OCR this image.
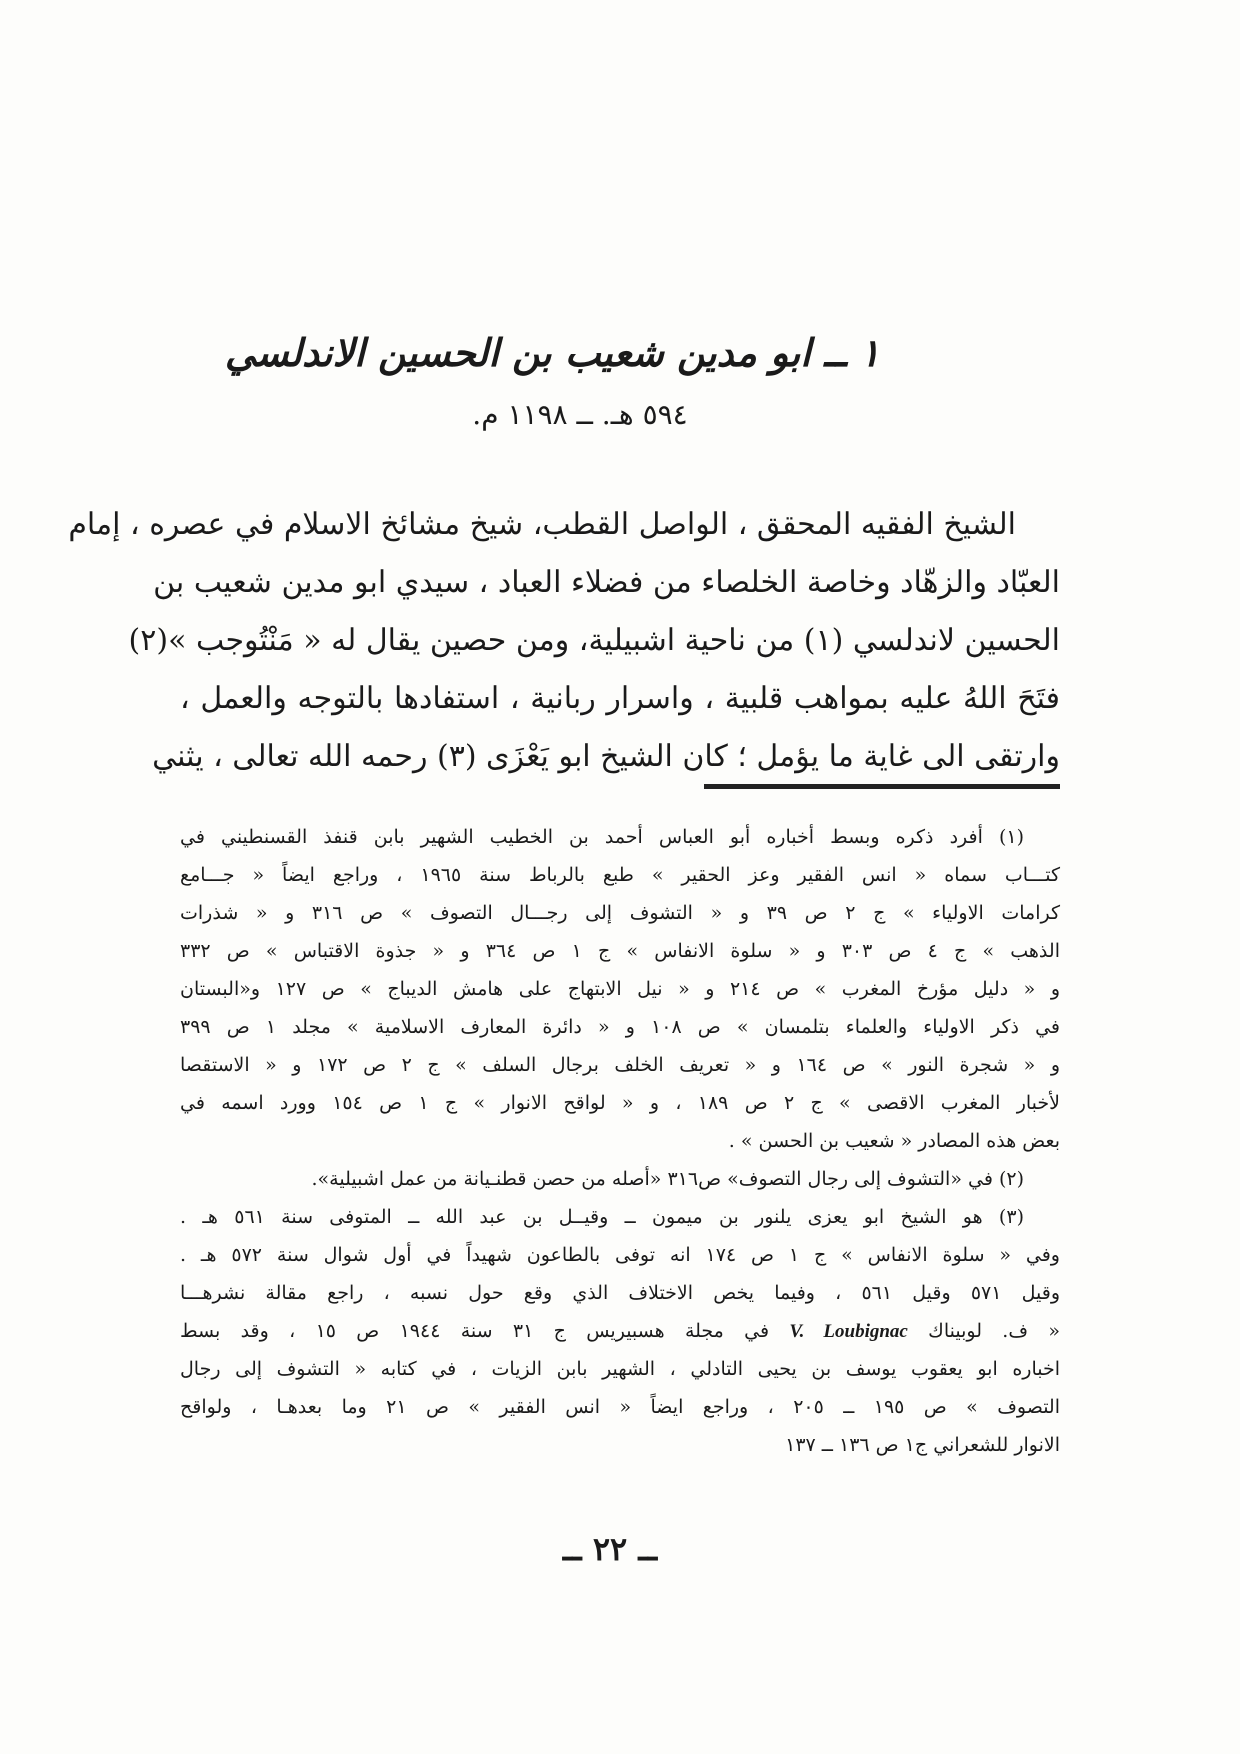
١ ــ ابو مدين شعيب بن الحسين الاندلسي
٥٩٤ هـ. ــ ١١٩٨ م.
الشيخ الفقيه المحقق ، الواصل القطب، شيخ مشائخ الاسلام في عصره ، إمام
العبّاد والزهّاد وخاصة الخلصاء من فضلاء العباد ، سيدي ابو مدين شعيب بن
الحسين لاندلسي (١) من ناحية اشبيلية، ومن حصين يقال له « مَنْتُوجب »(٢)
فتَحَ اللهُ عليه بمواهب قلبية ، واسرار ربانية ، استفادها بالتوجه والعمل ،
وارتقى الى غاية ما يؤمل ؛ كان الشيخ ابو يَعْزَى (٣) رحمه الله تعالى ، يثني
(١) أفرد ذكره وبسط أخباره أبو العباس أحمد بن الخطيب الشهير بابن قنفذ القسنطيني في
كتـــاب سماه « انس الفقير وعز الحقير » طبع بالرباط سنة ١٩٦٥ ، وراجع ايضاً « جـــامع
كرامات الاولياء » ج ٢ ص ٣٩ و « التشوف إلى رجـــال التصوف » ص ٣١٦ و « شذرات
الذهب » ج ٤ ص ٣٠٣ و « سلوة الانفاس » ج ١ ص ٣٦٤ و « جذوة الاقتباس » ص ٣٣٢
و « دليل مؤرخ المغرب » ص ٢١٤ و « نيل الابتهاج على هامش الديباج » ص ١٢٧ و«البستان
في ذكر الاولياء والعلماء بتلمسان » ص ١٠٨ و « دائرة المعارف الاسلامية » مجلد ١ ص ٣٩٩
و « شجرة النور » ص ١٦٤ و « تعريف الخلف برجال السلف » ج ٢ ص ١٧٢ و « الاستقصا
لأخبار المغرب الاقصى » ج ٢ ص ١٨٩ ، و « لواقح الانوار » ج ١ ص ١٥٤ وورد اسمه في
بعض هذه المصادر « شعيب بن الحسن » .
(٢) في «التشوف إلى رجال التصوف» ص٣١٦ «أصله من حصن قطنـيانة من عمل اشبيلية».
(٣) هو الشيخ ابو يعزى يلنور بن ميمون ــ وقيــل بن عبد الله ــ المتوفى سنة ٥٦١ هـ .
وفي « سلوة الانفاس » ج ١ ص ١٧٤ انه توفى بالطاعون شهيداً في أول شوال سنة ٥٧٢ هـ .
وقيل ٥٧١ وقيل ٥٦١ ، وفيما يخص الاختلاف الذي وقع حول نسبه ، راجع مقالة نشرهـــا
« ف. لوبيناك V. Loubignac في مجلة هسبيريس ج ٣١ سنة ١٩٤٤ ص ١٥ ، وقد بسط
اخباره ابو يعقوب يوسف بن يحيى التادلي ، الشهير بابن الزيات ، في كتابه « التشوف إلى رجال
التصوف » ص ١٩٥ ــ ٢٠٥ ، وراجع ايضاً « انس الفقير » ص ٢١ وما بعدهـا ، ولواقح
الانوار للشعراني ج١ ص ١٣٦ ــ ١٣٧
ــ ٢٢ ــ
